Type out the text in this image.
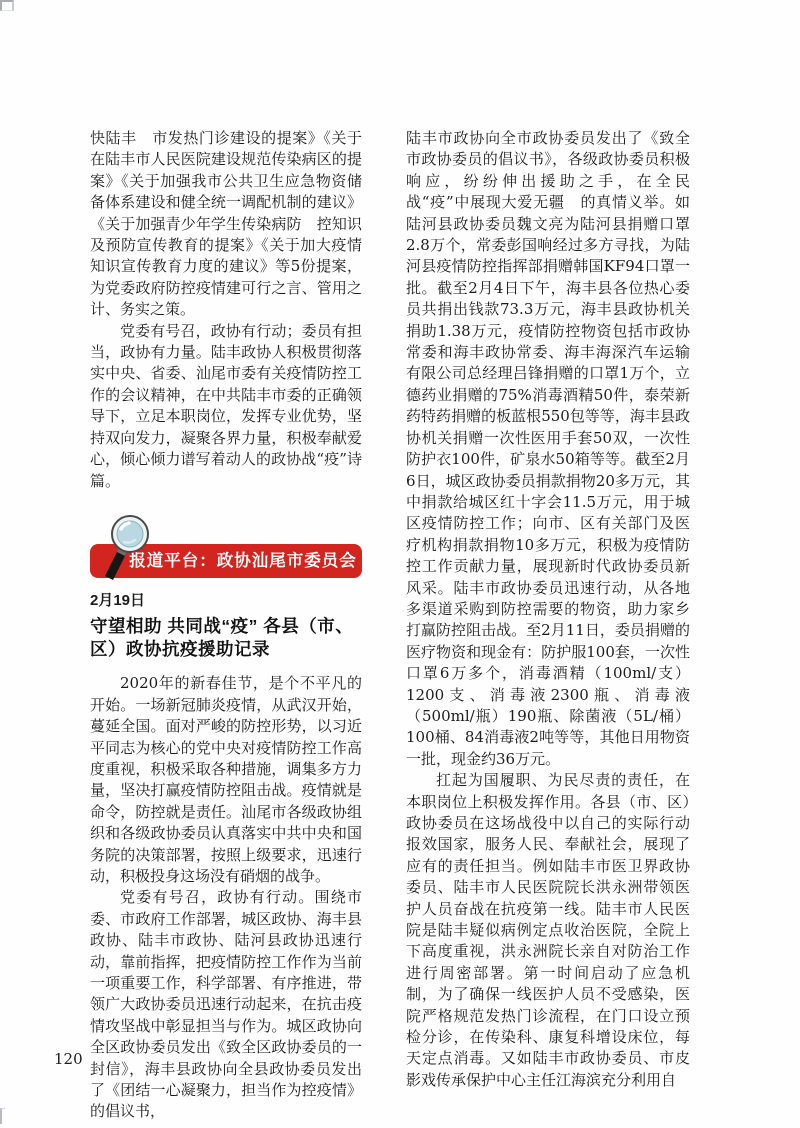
快陆丰　市发热门诊建设的提案》《关于在陆丰市人民医院建设规范传染病区的提案》《关于加强我市公共卫生应急物资储备体系建设和健全统一调配机制的建议》《关于加强青少年学生传染病防　控知识及预防宣传教育的提案》《关于加大疫情知识宣传教育力度的建议》等5份提案，为党委政府防控疫情建可行之言、管用之计、务实之策。

党委有号召，政协有行动；委员有担当，政协有力量。陆丰政协人积极贯彻落实中央、省委、汕尾市委有关疫情防控工作的会议精神，在中共陆丰市委的正确领导下，立足本职岗位，发挥专业优势，坚持双向发力，凝聚各界力量，积极奉献爱心，倾心倾力谱写着动人的政协战“疫”诗篇。

报道平台：政协汕尾市委员会

2月19日

守望相助 共同战“疫” 各县（市、区）政协抗疫援助记录

2020年的新春佳节，是个不平凡的开始。一场新冠肺炎疫情，从武汉开始，蔓延全国。面对严峻的防控形势，以习近平同志为核心的党中央对疫情防控工作高度重视，积极采取各种措施，调集多方力量，坚决打赢疫情防控阻击战。疫情就是命令，防控就是责任。汕尾市各级政协组织和各级政协委员认真落实中共中央和国务院的决策部署，按照上级要求，迅速行动，积极投身这场没有硝烟的战争。

党委有号召，政协有行动。围绕市委、市政府工作部署，城区政协、海丰县政协、陆丰市政协、陆河县政协迅速行动，靠前指挥，把疫情防控工作作为当前一项重要工作，科学部署、有序推进，带领广大政协委员迅速行动起来，在抗击疫情攻坚战中彰显担当与作为。城区政协向全区政协委员发出《致全区政协委员的一封信》，海丰县政协向全县政协委员发出了《团结一心凝聚力，担当作为控疫情》的倡议书，

陆丰市政协向全市政协委员发出了《致全市政协委员的倡议书》，各级政协委员积极响应，纷纷伸出援助之手，在全民战“疫”中展现大爱无疆　的真情义举。如陆河县政协委员魏文亮为陆河县捐赠口罩2.8万个，常委彭国响经过多方寻找，为陆河县疫情防控指挥部捐赠韩国KF94口罩一批。截至2月4日下午，海丰县各位热心委员共捐出钱款73.3万元，海丰县政协机关捐助1.38万元，疫情防控物资包括市政协常委和海丰政协常委、海丰海深汽车运输有限公司总经理吕锋捐赠的口罩1万个，立德药业捐赠的75%消毒酒精50件，泰荣新药特药捐赠的板蓝根550包等等，海丰县政协机关捐赠一次性医用手套50双，一次性防护衣100件，矿泉水50箱等等。截至2月6日，城区政协委员捐款捐物20多万元，其中捐款给城区红十字会11.5万元，用于城区疫情防控工作；向市、区有关部门及医疗机构捐款捐物10多万元，积极为疫情防控工作贡献力量，展现新时代政协委员新风采。陆丰市政协委员迅速行动，从各地多渠道采购到防控需要的物资，助力家乡打赢防控阻击战。至2月11日，委员捐赠的医疗物资和现金有：防护服100套，一次性口罩6万多个，消毒酒精（100ml/支）1200支、消毒液2300瓶、消毒液（500ml/瓶）190瓶、除菌液（5L/桶）100桶、84消毒液2吨等等，其他日用物资一批，现金约36万元。

扛起为国履职、为民尽责的责任，在本职岗位上积极发挥作用。各县（市、区）政协委员在这场战役中以自己的实际行动报效国家，服务人民、奉献社会，展现了应有的责任担当。例如陆丰市医卫界政协委员、陆丰市人民医院院长洪永洲带领医护人员奋战在抗疫第一线。陆丰市人民医院是陆丰疑似病例定点收治医院，全院上下高度重视，洪永洲院长亲自对防治工作进行周密部署。第一时间启动了应急机制，为了确保一线医护人员不受感染，医院严格规范发热门诊流程，在门口设立预检分诊，在传染科、康复科增设床位，每天定点消毒。又如陆丰市政协委员、市皮影戏传承保护中心主任江海滨充分利用自

120
